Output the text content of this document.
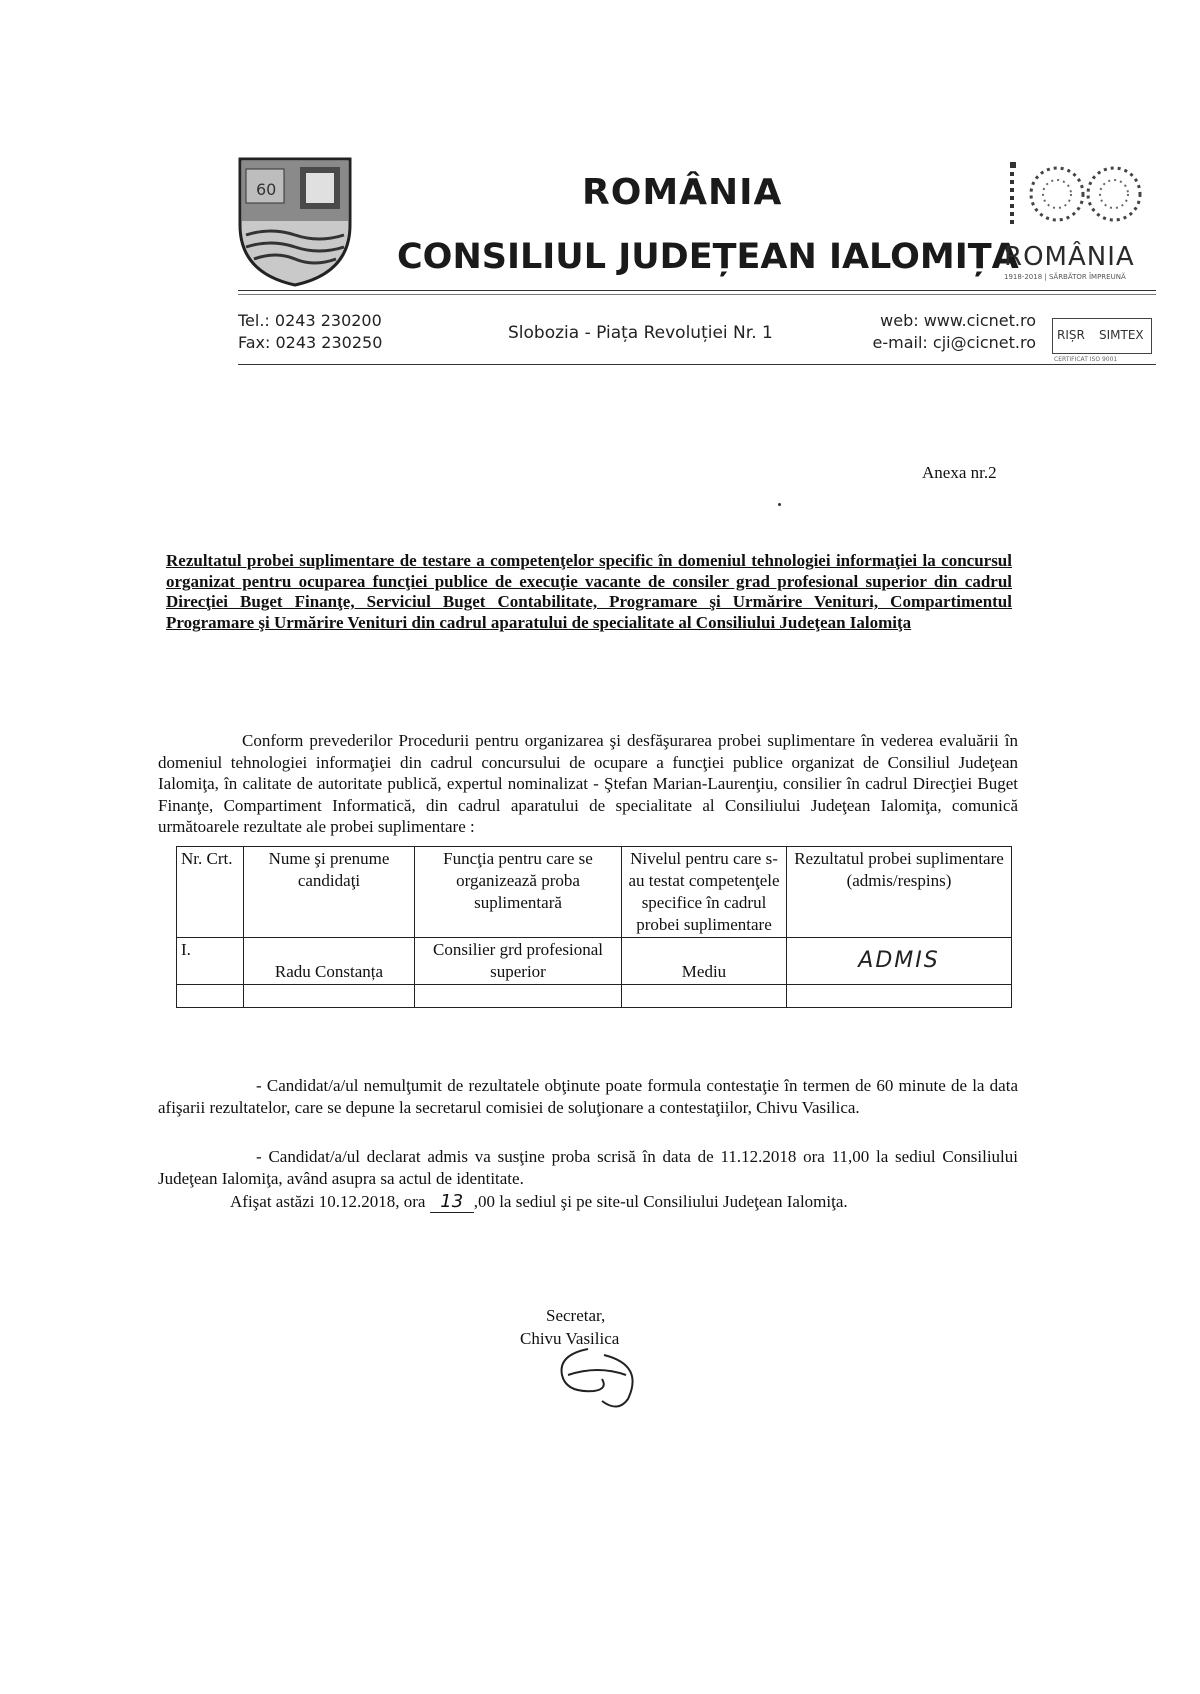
60	ROMÂNIA
CONSILIUL JUDEȚEAN IALOMIȚA
ROMÂNIA
1918-2018 | SĂRBĂTOR ÎMPREUNĂ
Tel.: 0243 230200
Fax: 0243 230250	Slobozia - Piața Revoluției Nr. 1
web: www.cicnet.ro
e-mail: cji@cicnet.ro RIȘR SIMTEX
CERTIFICAT ISO 9001
Anexa nr.2
Rezultatul probei suplimentare de testare a competenţelor specific în domeniul tehnologiei informaţiei la concursul organizat pentru ocuparea funcţiei publice de execuţie vacante de consiler grad profesional superior din cadrul Direcţiei Buget Finanţe, Serviciul Buget Contabilitate, Programare şi Urmărire Venituri, Compartimentul Programare şi Urmărire Venituri din cadrul aparatului de specialitate al Consiliului Judeţean Ialomiţa
Conform prevederilor Procedurii pentru organizarea şi desfăşurarea probei suplimentare în vederea evaluării în domeniul tehnologiei informaţiei din cadrul concursului de ocupare a funcţiei publice organizat de Consiliul Judeţean Ialomiţa, în calitate de autoritate publică, expertul nominalizat - Ştefan Marian-Laurenţiu, consilier în cadrul Direcţiei Buget Finanţe, Compartiment Informatică, din cadrul aparatului de specialitate al Consiliului Judeţean Ialomiţa, comunică următoarele rezultate ale probei suplimentare :
Nr. Crt.	Nume şi prenume candidaţi	Funcţia pentru care se organizează proba suplimentară	Nivelul pentru care s-au testat competenţele specifice în cadrul probei suplimentare	Rezultatul probei suplimentare (admis/respins)
I.	Radu Constanța	Consilier grd profesional superior	Mediu	ADMIS

- Candidat/a/ul nemulţumit de rezultatele obţinute poate formula contestaţie în termen de 60 minute de la data afişarii rezultatelor, care se depune la secretarul comisiei de soluţionare a contestaţiilor, Chivu Vasilica.
- Candidat/a/ul declarat admis va susţine proba scrisă în data de 11.12.2018 ora 11,00 la sediul Consiliului Judeţean Ialomiţa, având asupra sa actul de identitate.
Afişat astăzi 10.12.2018, ora 13 ,00 la sediul şi pe site-ul Consiliului Judeţean Ialomiţa.
Secretar,
Chivu Vasilica
